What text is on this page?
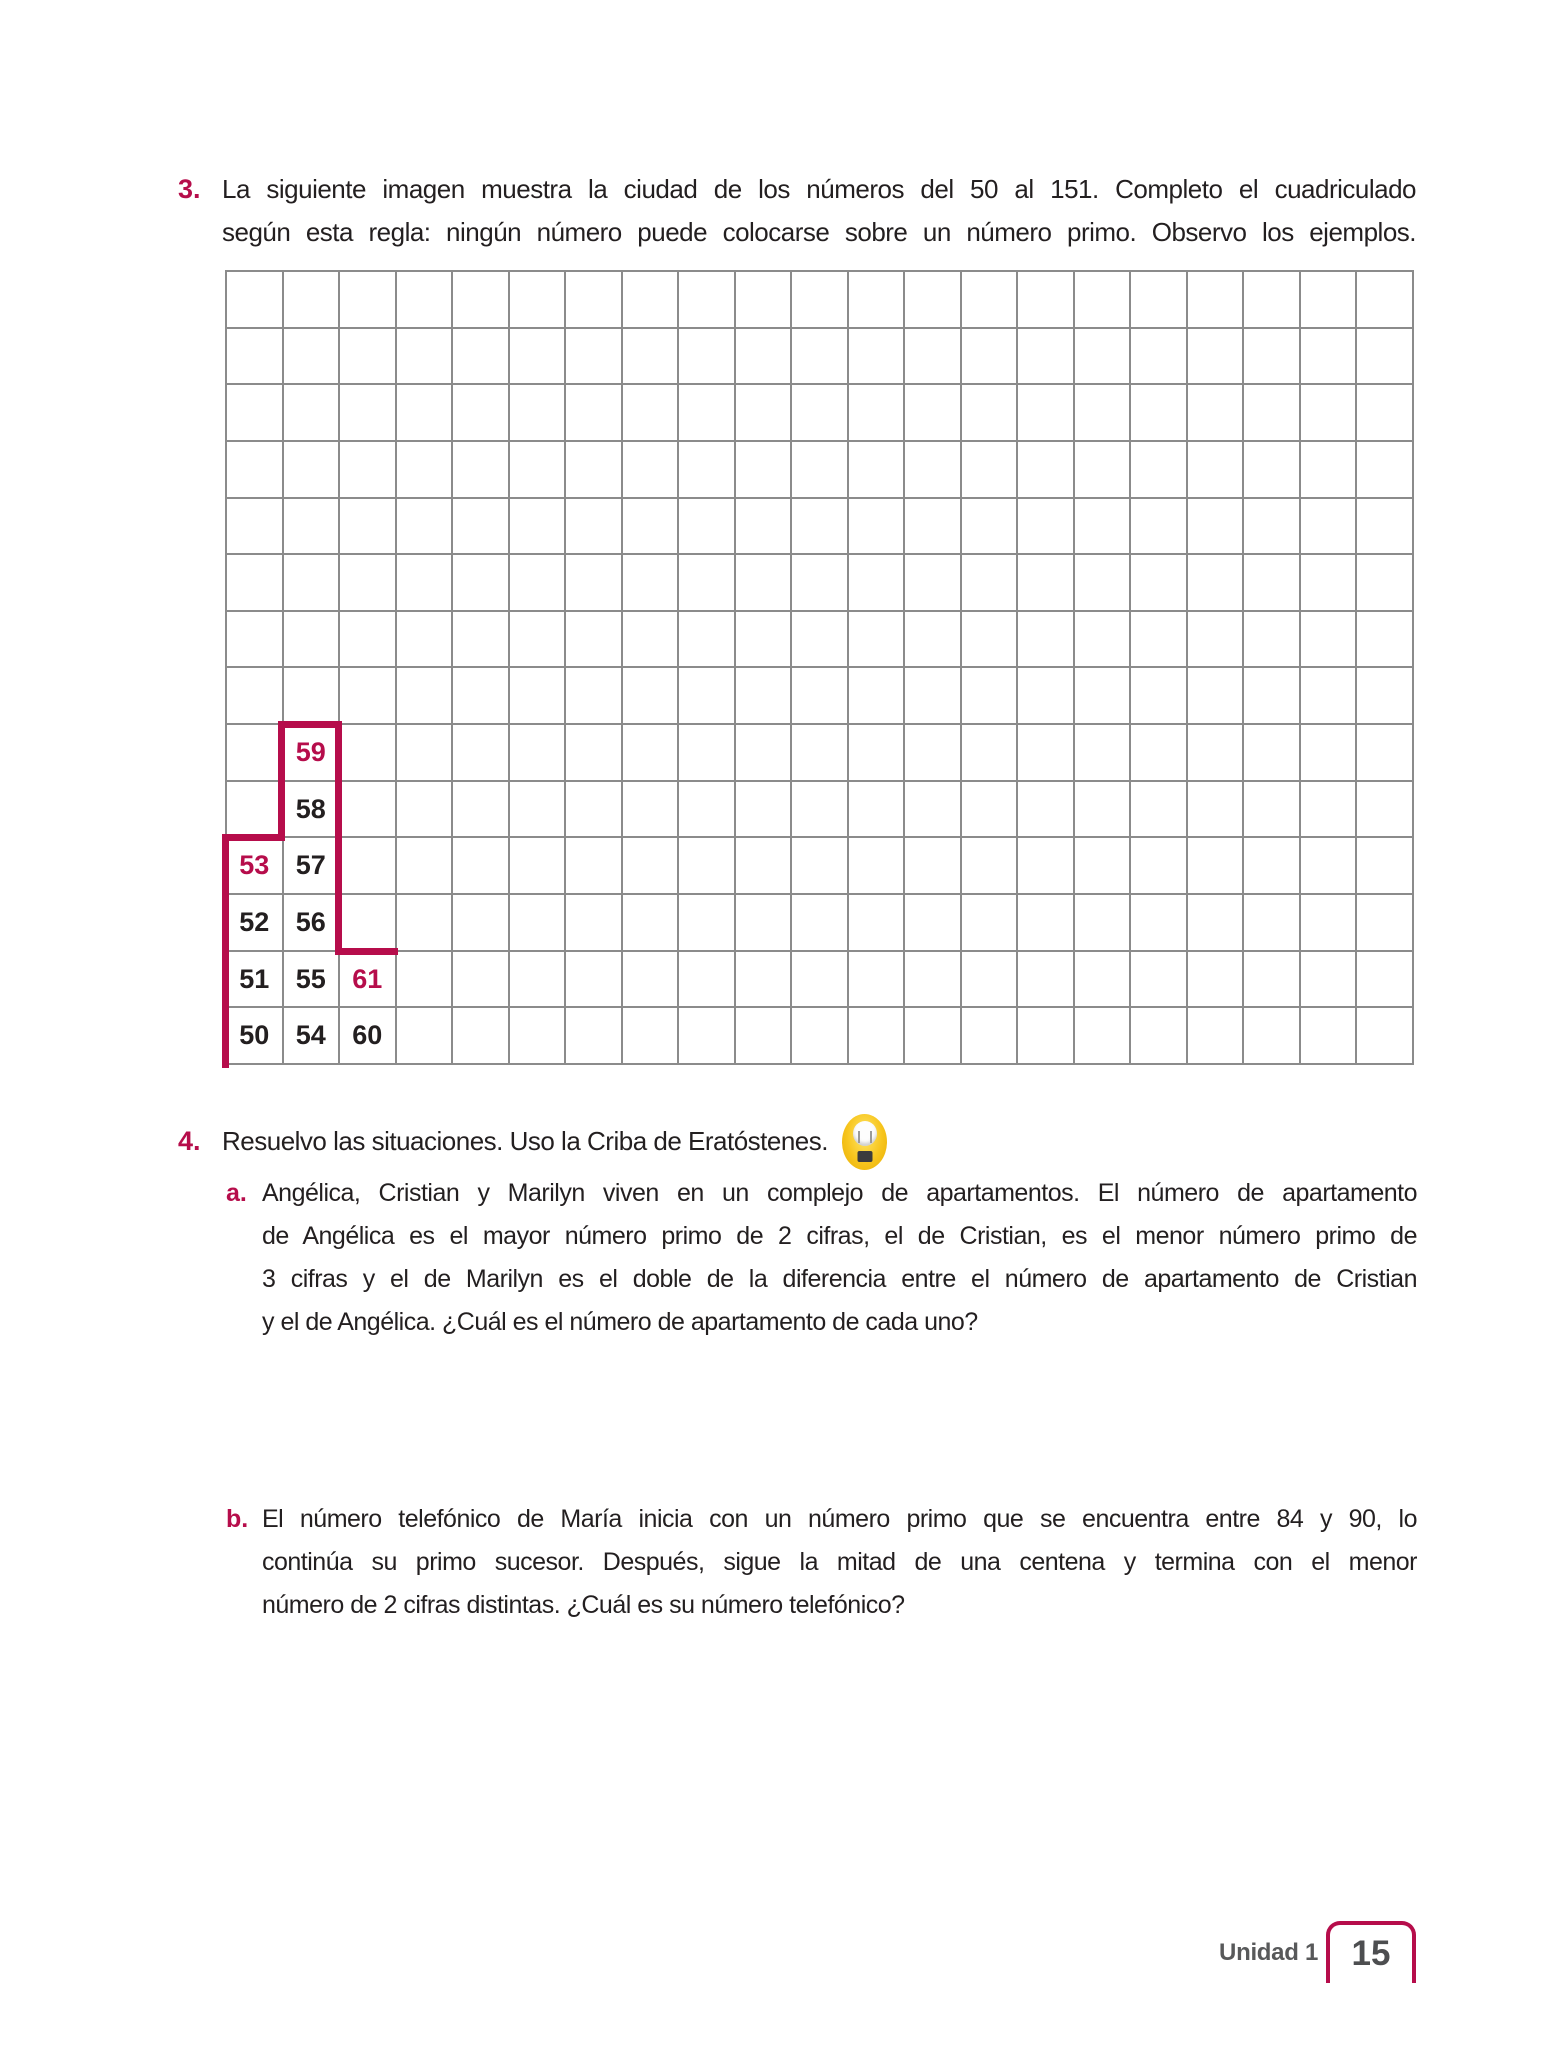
3. La siguiente imagen muestra la ciudad de los números del 50 al 151. Completo el cuadriculado
según esta regla: ningún número puede colocarse sobre un número primo. Observo los ejemplos.
59
58
53 57
52 56
51 55 61
50 54 60
4. Resuelvo las situaciones. Uso la Criba de Eratóstenes.
a. Angélica, Cristian y Marilyn viven en un complejo de apartamentos. El número de apartamento
de Angélica es el mayor número primo de 2 cifras, el de Cristian, es el menor número primo de
3 cifras y el de Marilyn es el doble de la diferencia entre el número de apartamento de Cristian
y el de Angélica. ¿Cuál es el número de apartamento de cada uno?
b. El número telefónico de María inicia con un número primo que se encuentra entre 84 y 90, lo
continúa su primo sucesor. Después, sigue la mitad de una centena y termina con el menor
número de 2 cifras distintas. ¿Cuál es su número telefónico?
Unidad 1 15
